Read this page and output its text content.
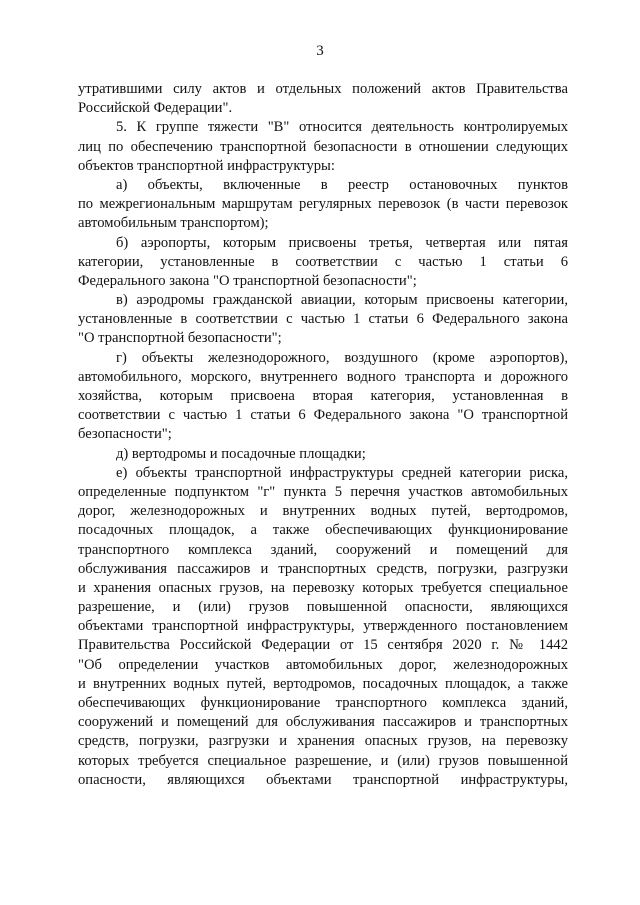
3
утратившими силу актов и отдельных положений актов Правительства
Российской Федерации".
5. К группе тяжести "В" относится деятельность контролируемых
лиц по обеспечению транспортной безопасности в отношении следующих
объектов транспортной инфраструктуры:
а) объекты, включенные в реестр остановочных пунктов
по межрегиональным маршрутам регулярных перевозок (в части перевозок
автомобильным транспортом);
б) аэропорты, которым присвоены третья, четвертая или пятая
категории, установленные в соответствии с частью 1 статьи 6
Федерального закона "О транспортной безопасности";
в) аэродромы гражданской авиации, которым присвоены категории,
установленные в соответствии с частью 1 статьи 6 Федерального закона
"О транспортной безопасности";
г) объекты железнодорожного, воздушного (кроме аэропортов),
автомобильного, морского, внутреннего водного транспорта и дорожного
хозяйства, которым присвоена вторая категория, установленная в
соответствии с частью 1 статьи 6 Федерального закона "О транспортной
безопасности";
д) вертодромы и посадочные площадки;
е) объекты транспортной инфраструктуры средней категории риска,
определенные подпунктом "г" пункта 5 перечня участков автомобильных
дорог, железнодорожных и внутренних водных путей, вертодромов,
посадочных площадок, а также обеспечивающих функционирование
транспортного комплекса зданий, сооружений и помещений для
обслуживания пассажиров и транспортных средств, погрузки, разгрузки
и хранения опасных грузов, на перевозку которых требуется специальное
разрешение, и (или) грузов повышенной опасности, являющихся
объектами транспортной инфраструктуры, утвержденного постановлением
Правительства Российской Федерации от 15 сентября 2020 г. № 1442
"Об определении участков автомобильных дорог, железнодорожных
и внутренних водных путей, вертодромов, посадочных площадок, а также
обеспечивающих функционирование транспортного комплекса зданий,
сооружений и помещений для обслуживания пассажиров и транспортных
средств, погрузки, разгрузки и хранения опасных грузов, на перевозку
которых требуется специальное разрешение, и (или) грузов повышенной
опасности, являющихся объектами транспортной инфраструктуры,
